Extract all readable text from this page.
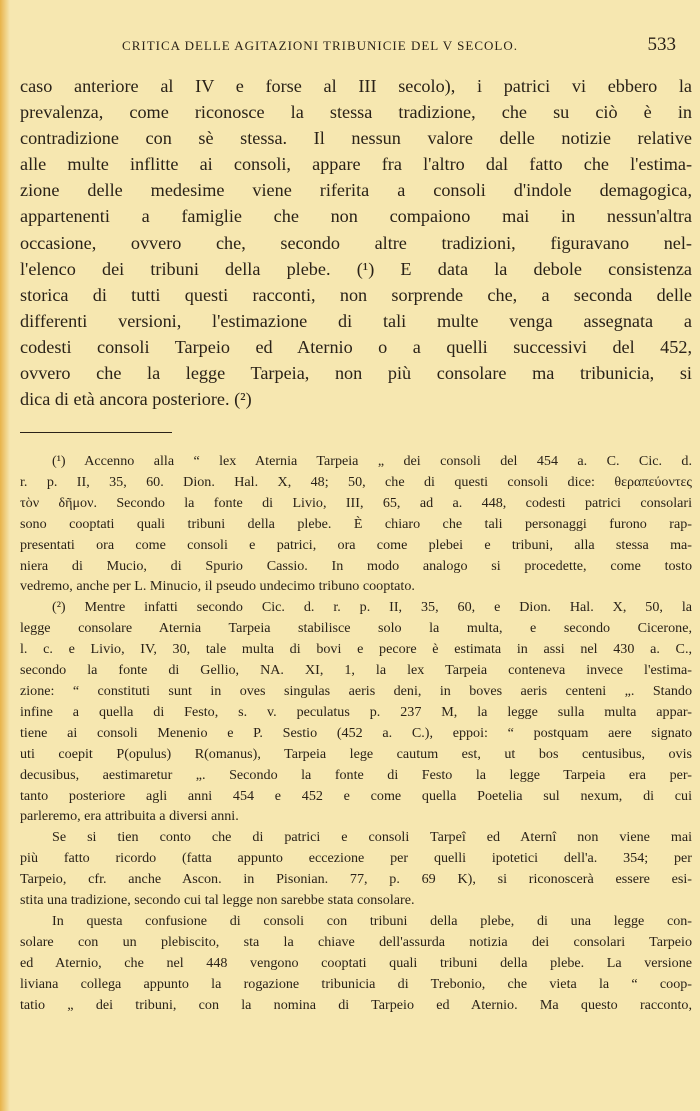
CRITICA DELLE AGITAZIONI TRIBUNICIE DEL V SECOLO.	533
caso anteriore al IV e forse al III secolo), i patrici vi ebbero la
prevalenza, come riconosce la stessa tradizione, che su ciò è in
contradizione con sè stessa. Il nessun valore delle notizie relative
alle multe inflitte ai consoli, appare fra l'altro dal fatto che l'estima-
zione delle medesime viene riferita a consoli d'indole demagogica,
appartenenti a famiglie che non compaiono mai in nessun'altra
occasione, ovvero che, secondo altre tradizioni, figuravano nel-
l'elenco dei tribuni della plebe. (¹) E data la debole consistenza
storica di tutti questi racconti, non sorprende che, a seconda delle
differenti versioni, l'estimazione di tali multe venga assegnata a
codesti consoli Tarpeio ed Aternio o a quelli successivi del 452,
ovvero che la legge Tarpeia, non più consolare ma tribunicia, si
dica di età ancora posteriore. (²)
(¹) Accenno alla “ lex Aternia Tarpeia „ dei consoli del 454 a. C. Cic. d.
r. p. II, 35, 60. Dion. Hal. X, 48; 50, che di questi consoli dice: θεραπεύοντες
τὸν δῆμον. Secondo la fonte di Livio, III, 65, ad a. 448, codesti patrici consolari
sono cooptati quali tribuni della plebe. È chiaro che tali personaggi furono rap-
presentati ora come consoli e patrici, ora come plebei e tribuni, alla stessa ma-
niera di Mucio, di Spurio Cassio. In modo analogo si procedette, come tosto
vedremo, anche per L. Minucio, il pseudo undecimo tribuno cooptato.
(²) Mentre infatti secondo Cic. d. r. p. II, 35, 60, e Dion. Hal. X, 50, la
legge consolare Aternia Tarpeia stabilisce solo la multa, e secondo Cicerone,
l. c. e Livio, IV, 30, tale multa di bovi e pecore è estimata in assi nel 430 a. C.,
secondo la fonte di Gellio, NA. XI, 1, la lex Tarpeia conteneva invece l'estima-
zione: “ constituti sunt in oves singulas aeris deni, in boves aeris centeni „. Stando
infine a quella di Festo, s. v. peculatus p. 237 M, la legge sulla multa appar-
tiene ai consoli Menenio e P. Sestio (452 a. C.), eppoi: “ postquam aere signato
uti coepit P(opulus) R(omanus), Tarpeia lege cautum est, ut bos centusibus, ovis
decusibus, aestimaretur „. Secondo la fonte di Festo la legge Tarpeia era per-
tanto posteriore agli anni 454 e 452 e come quella Poetelia sul nexum, di cui
parleremo, era attribuita a diversi anni.
Se si tien conto che di patrici e consoli Tarpeî ed Aternî non viene mai
più fatto ricordo (fatta appunto eccezione per quelli ipotetici dell'a. 354; per
Tarpeio, cfr. anche Ascon. in Pisonian. 77, p. 69 K), si riconoscerà essere esi-
stita una tradizione, secondo cui tal legge non sarebbe stata consolare.
In questa confusione di consoli con tribuni della plebe, di una legge con-
solare con un plebiscito, sta la chiave dell'assurda notizia dei consolari Tarpeio
ed Aternio, che nel 448 vengono cooptati quali tribuni della plebe. La versione
liviana collega appunto la rogazione tribunicia di Trebonio, che vieta la “ coop-
tatio „ dei tribuni, con la nomina di Tarpeio ed Aternio. Ma questo racconto,
